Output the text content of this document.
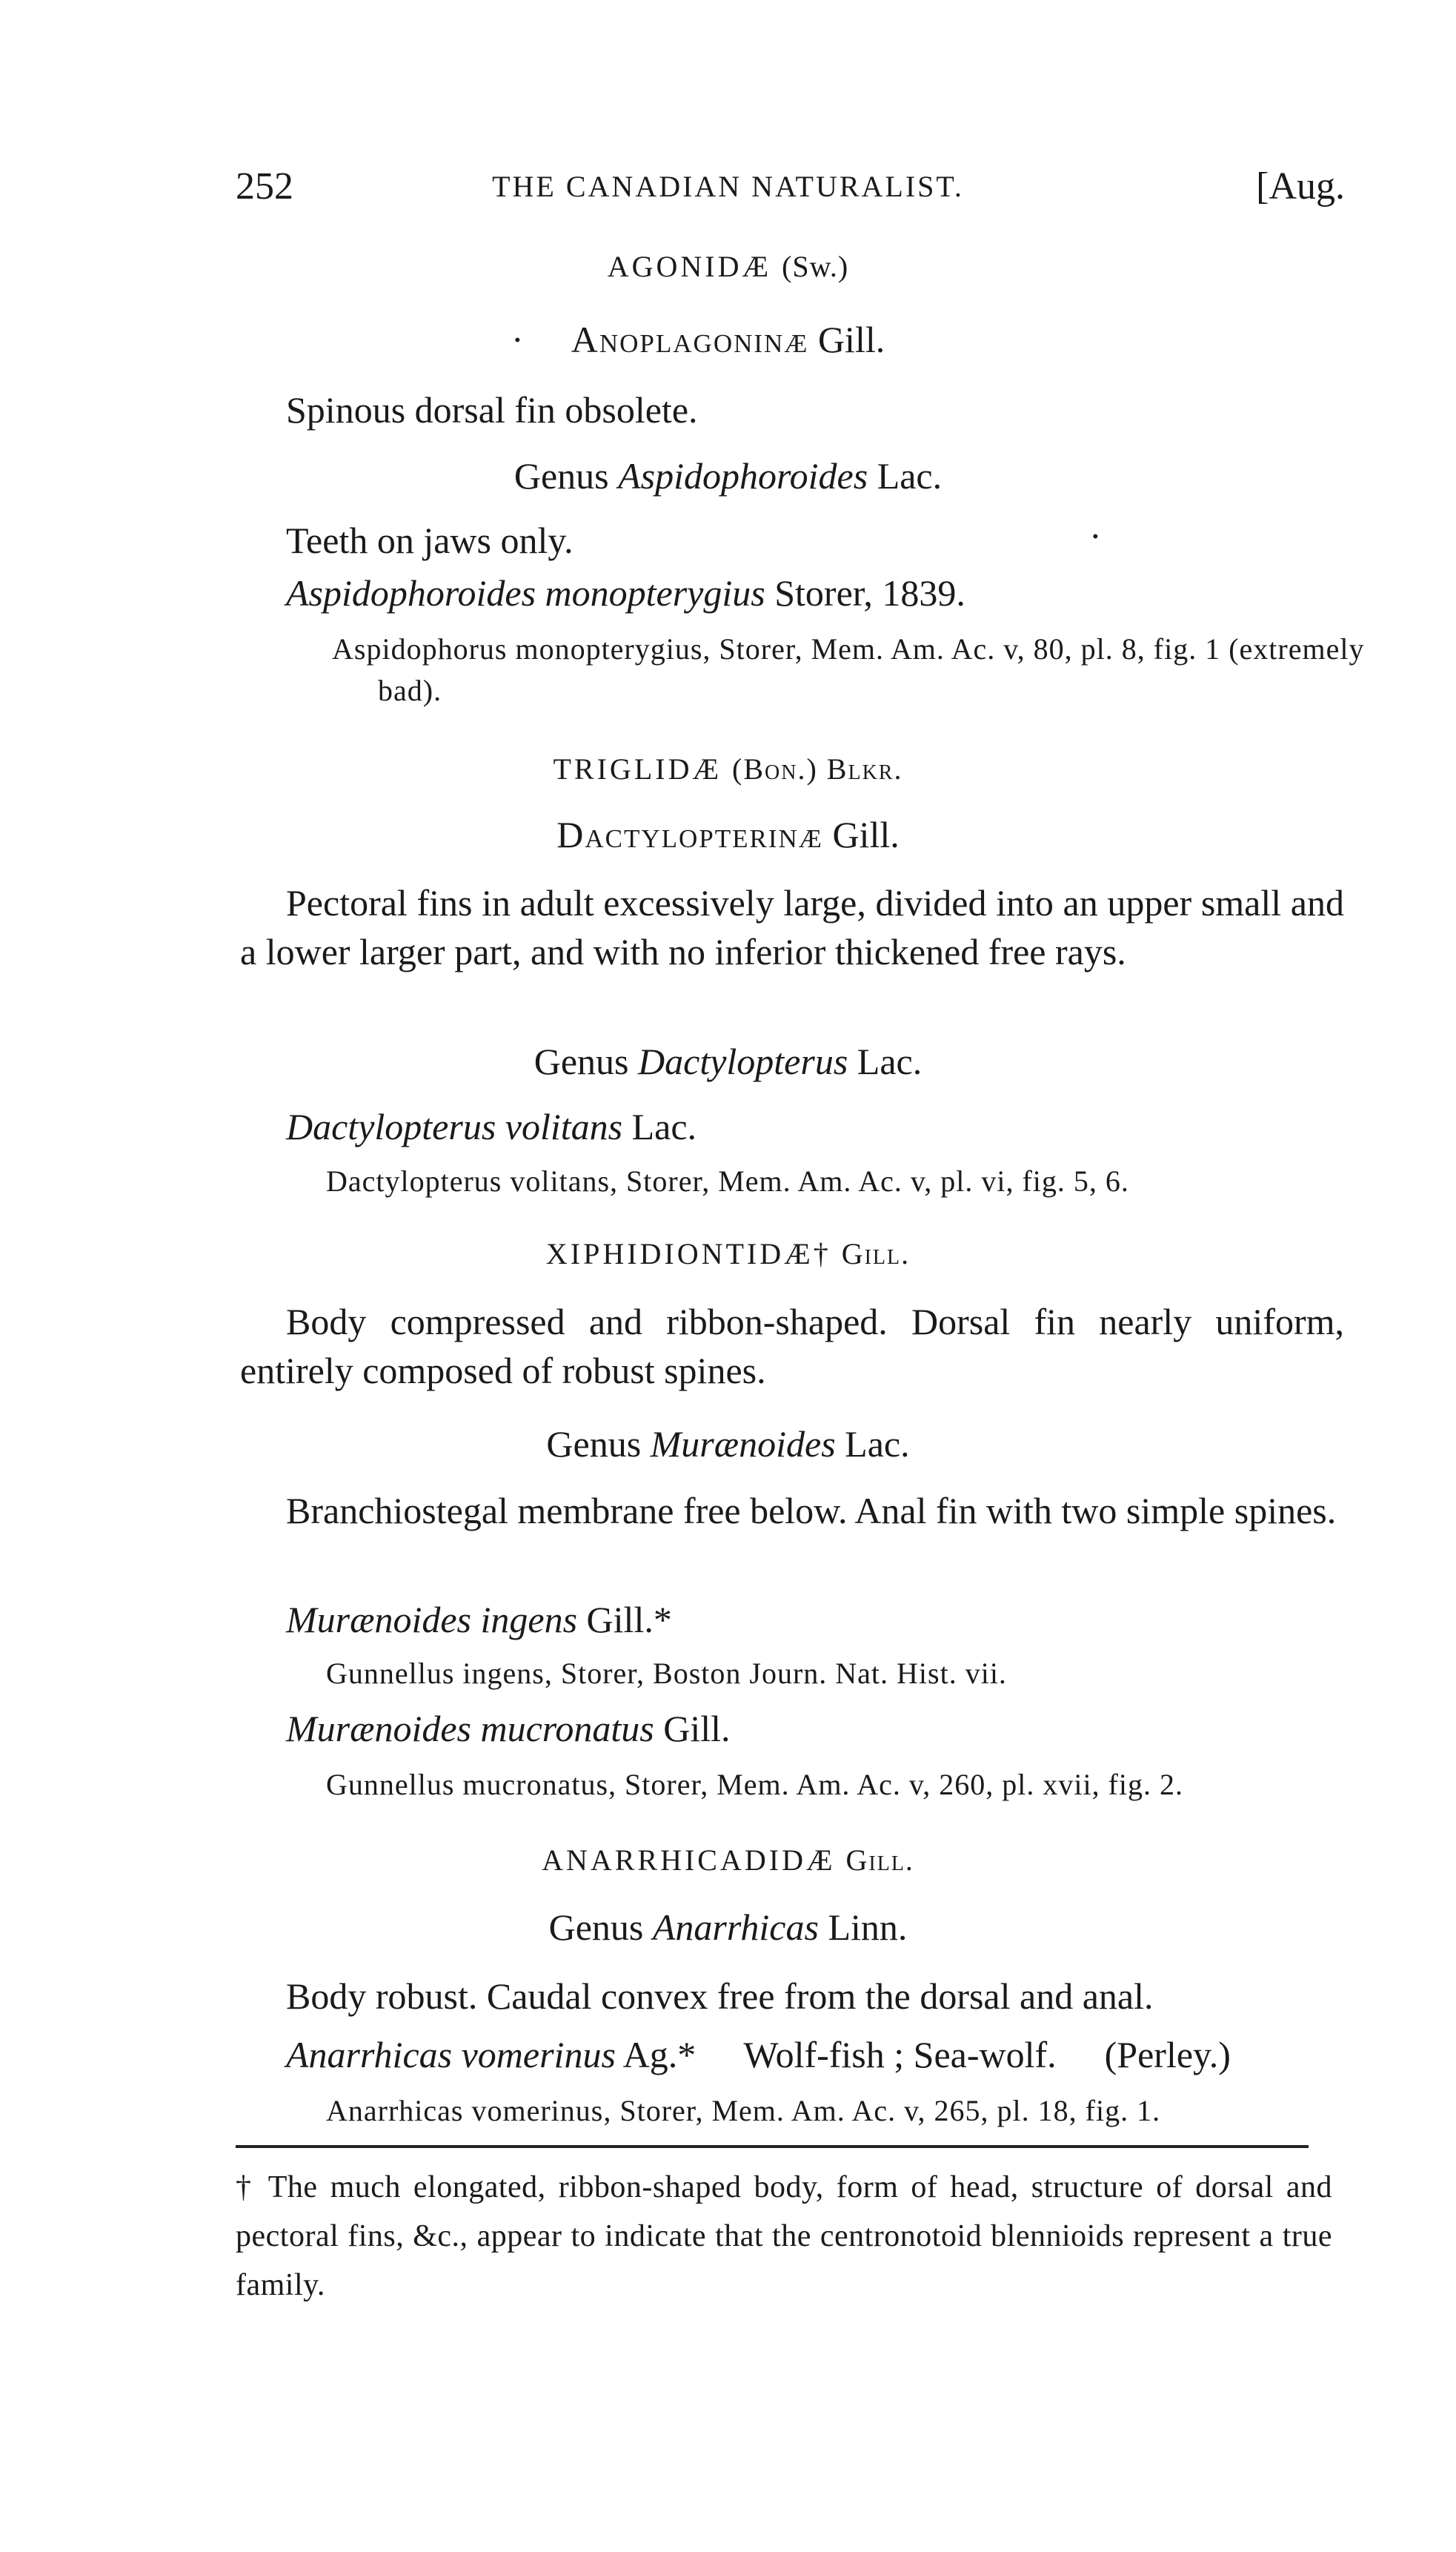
252	THE CANADIAN NATURALIST.	[Aug.
AGONIDÆ (Sw.)
·	Anoplagoninæ Gill.
Spinous dorsal fin obsolete.
Genus Aspidophoroides Lac.
Teeth on jaws only.	·
Aspidophoroides monopterygius Storer, 1839.
Aspidophorus monopterygius, Storer, Mem. Am. Ac. v, 80, pl. 8, fig. 1 (extremely bad).
TRIGLIDÆ (Bon.) Blkr.
Dactylopterinæ Gill.
Pectoral fins in adult excessively large, divided into an upper small and a lower larger part, and with no inferior thickened free rays.
Genus Dactylopterus Lac.
Dactylopterus volitans Lac.
Dactylopterus volitans, Storer, Mem. Am. Ac. v, pl. vi, fig. 5, 6.
XIPHIDIONTIDÆ† Gill.
Body compressed and ribbon-shaped. Dorsal fin nearly uniform, entirely composed of robust spines.
Genus Murænoides Lac.
Branchiostegal membrane free below. Anal fin with two simple spines.
Murænoides ingens Gill.*
Gunnellus ingens, Storer, Boston Journ. Nat. Hist. vii.
Murænoides mucronatus Gill.
Gunnellus mucronatus, Storer, Mem. Am. Ac. v, 260, pl. xvii, fig. 2.
ANARRHICADIDÆ Gill.
Genus Anarrhicas Linn.
Body robust. Caudal convex free from the dorsal and anal.
Anarrhicas vomerinus Ag.* Wolf-fish ; Sea-wolf. (Perley.)
Anarrhicas vomerinus, Storer, Mem. Am. Ac. v, 265, pl. 18, fig. 1.
† The much elongated, ribbon-shaped body, form of head, structure of dorsal and pectoral fins, &c., appear to indicate that the centronotoid blennioids represent a true family.
